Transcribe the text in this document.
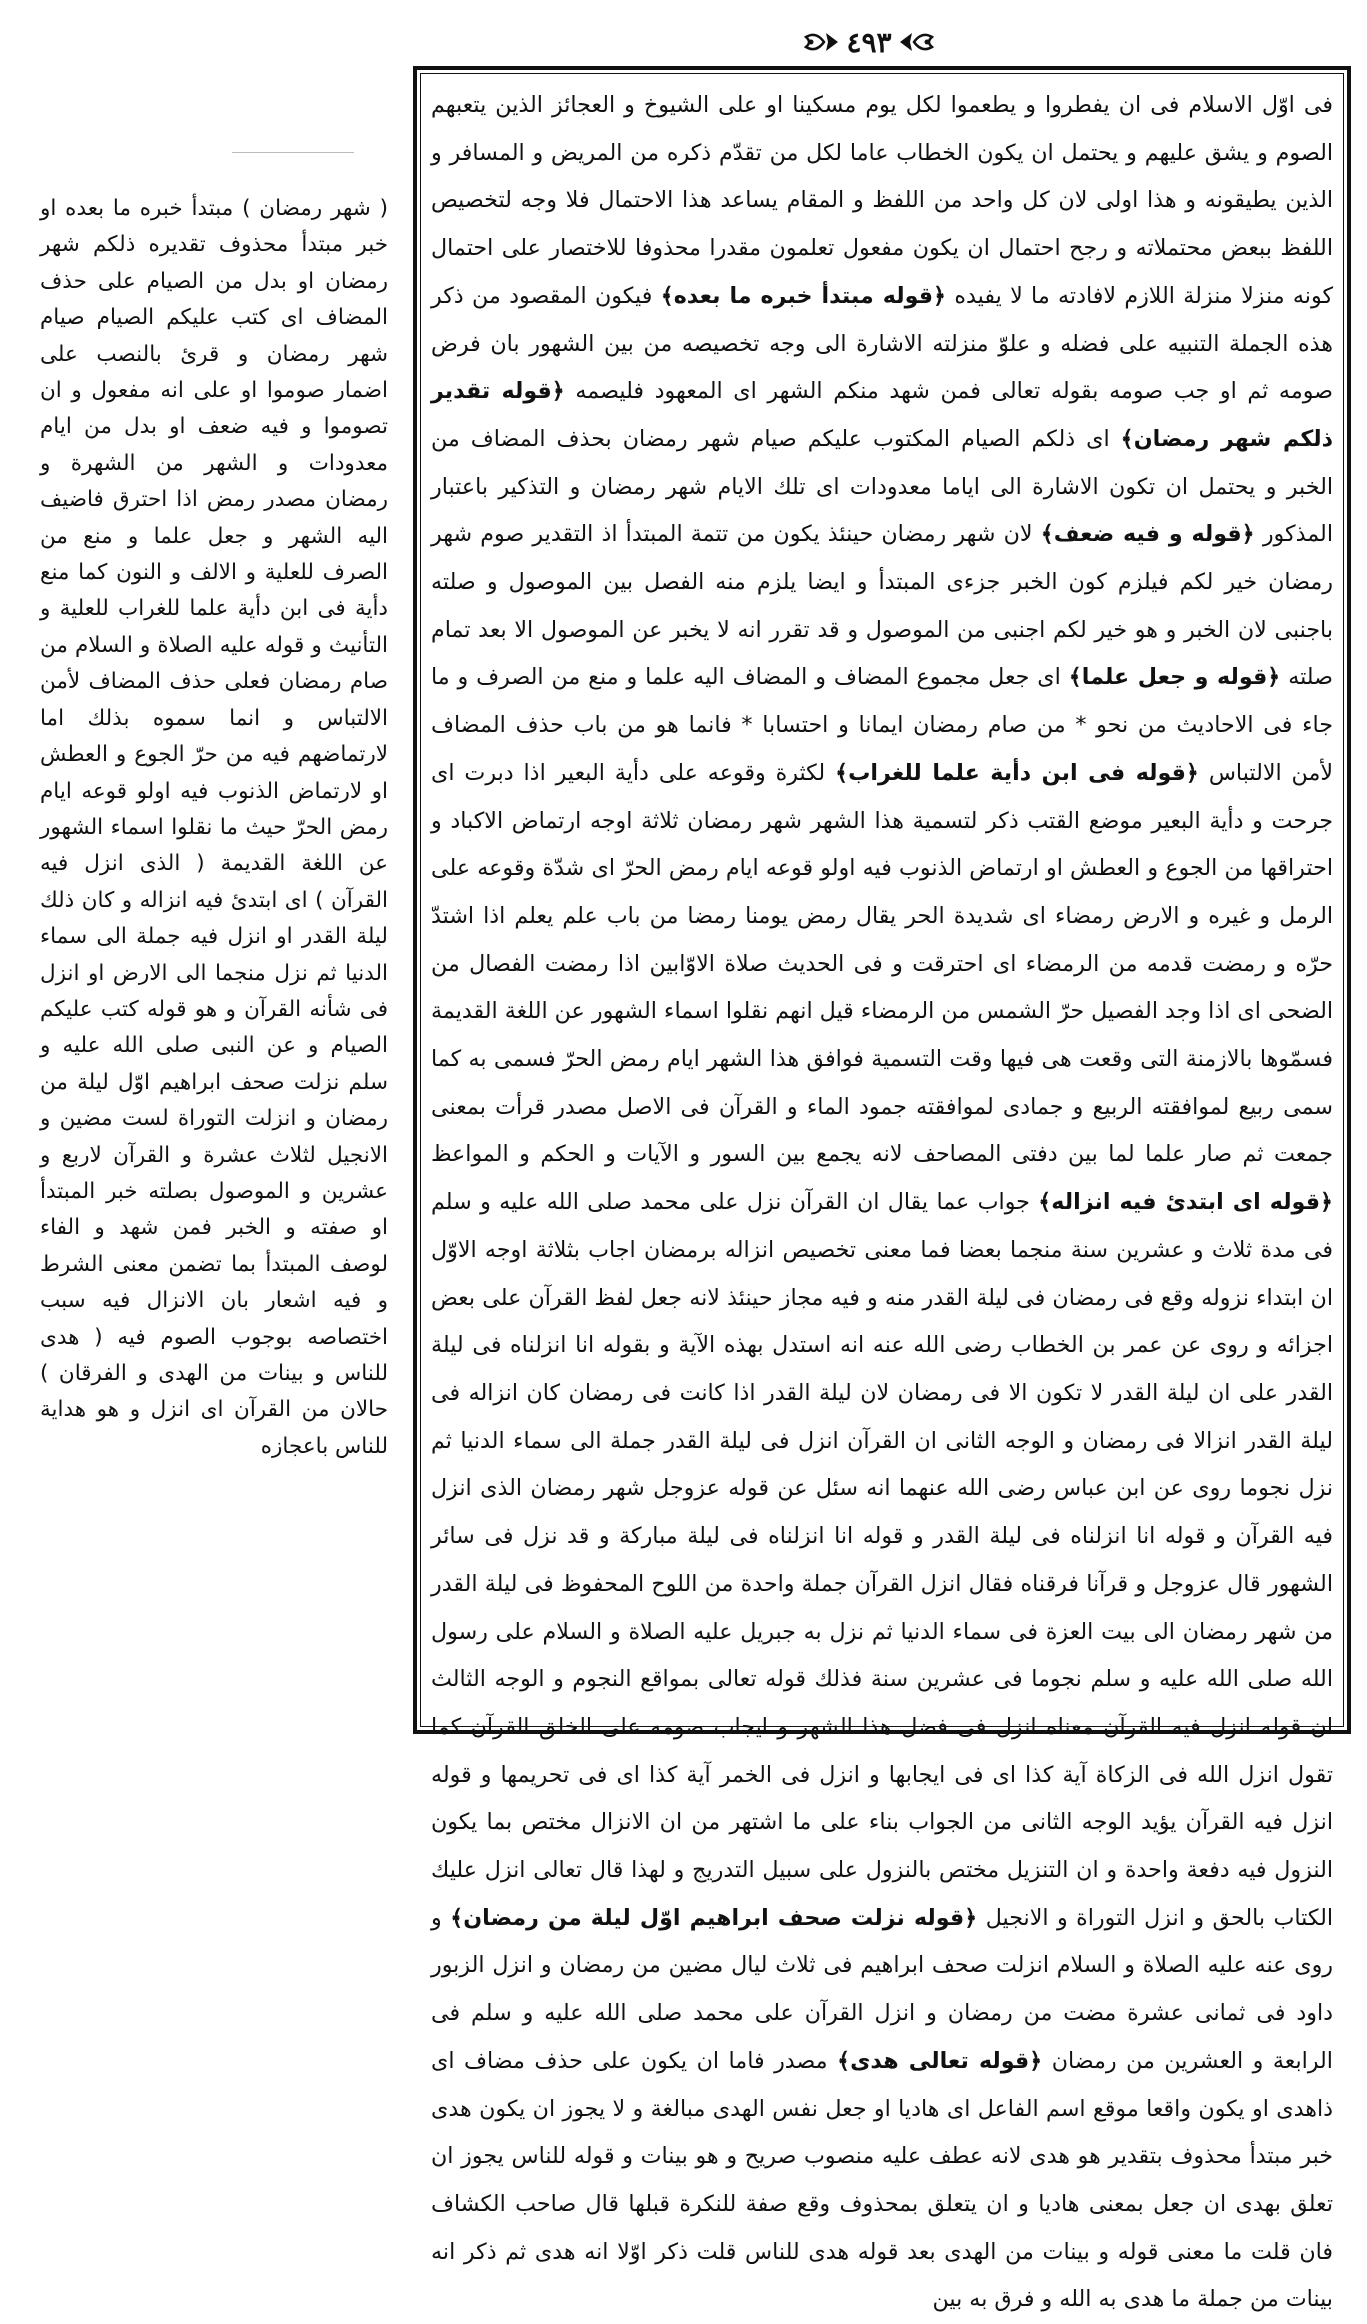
٤٩٣

( شهر رمضان ) مبتدأ خبره ما بعده او خبر مبتدأ محذوف تقديره ذلكم شهر رمضان او بدل من الصيام على حذف المضاف اى كتب عليكم الصيام صيام شهر رمضان و قرئ بالنصب على اضمار صوموا او على انه مفعول و ان تصوموا و فيه ضعف او بدل من ايام معدودات و الشهر من الشهرة و رمضان مصدر رمض اذا احترق فاضيف اليه الشهر و جعل علما و منع من الصرف للعلية و الالف و النون كما منع دأية فى ابن دأية علما للغراب للعلية و التأنيث و قوله عليه الصلاة و السلام من صام رمضان فعلى حذف المضاف لأمن الالتباس و انما سموه بذلك اما لارتماضهم فيه من حرّ الجوع و العطش او لارتماض الذنوب فيه اولو قوعه ايام رمض الحرّ حيث ما نقلوا اسماء الشهور عن اللغة القديمة ( الذى انزل فيه القرآن ) اى ابتدئ فيه انزاله و كان ذلك ليلة القدر او انزل فيه جملة الى سماء الدنيا ثم نزل منجما الى الارض او انزل فى شأنه القرآن و هو قوله كتب عليكم الصيام و عن النبى صلى الله عليه و سلم نزلت صحف ابراهيم اوّل ليلة من رمضان و انزلت التوراة لست مضين و الانجيل لثلاث عشرة و القرآن لاربع و عشرين و الموصول بصلته خبر المبتدأ او صفته و الخبر فمن شهد و الفاء لوصف المبتدأ بما تضمن معنى الشرط و فيه اشعار بان الانزال فيه سبب اختصاصه بوجوب الصوم فيه ( هدى للناس و بينات من الهدى و الفرقان ) حالان من القرآن اى انزل و هو هداية للناس باعجازه

فى اوّل الاسلام فى ان يفطروا و يطعموا لكل يوم مسكينا او على الشيوخ و العجائز الذين يتعبهم الصوم و يشق عليهم و يحتمل ان يكون الخطاب عاما لكل من تقدّم ذكره من المريض و المسافر و الذين يطيقونه و هذا اولى لان كل واحد من اللفظ و المقام يساعد هذا الاحتمال فلا وجه لتخصيص اللفظ ببعض محتملاته و رجح احتمال ان يكون مفعول تعلمون مقدرا محذوفا للاختصار على احتمال كونه منزلا منزلة اللازم لافادته ما لا يفيده ﴿قوله مبتدأ خبره ما بعده﴾ فيكون المقصود من ذكر هذه الجملة التنبيه على فضله و علوّ منزلته الاشارة الى وجه تخصيصه من بين الشهور بان فرض صومه ثم او جب صومه بقوله تعالى فمن شهد منكم الشهر اى المعهود فليصمه ﴿قوله تقدير ذلكم شهر رمضان﴾ اى ذلكم الصيام المكتوب عليكم صيام شهر رمضان بحذف المضاف من الخبر و يحتمل ان تكون الاشارة الى اياما معدودات اى تلك الايام شهر رمضان و التذكير باعتبار المذكور ﴿قوله و فيه ضعف﴾ لان شهر رمضان حينئذ يكون من تتمة المبتدأ اذ التقدير صوم شهر رمضان خير لكم فيلزم كون الخبر جزءى المبتدأ و ايضا يلزم منه الفصل بين الموصول و صلته باجنبى لان الخبر و هو خير لكم اجنبى من الموصول و قد تقرر انه لا يخبر عن الموصول الا بعد تمام صلته ﴿قوله و جعل علما﴾ اى جعل مجموع المضاف و المضاف اليه علما و منع من الصرف و ما جاء فى الاحاديث من نحو * من صام رمضان ايمانا و احتسابا * فانما هو من باب حذف المضاف لأمن الالتباس ﴿قوله فى ابن دأية علما للغراب﴾ لكثرة وقوعه على دأية البعير اذا دبرت اى جرحت و دأية البعير موضع القتب ذكر لتسمية هذا الشهر شهر رمضان ثلاثة اوجه ارتماض الاكباد و احتراقها من الجوع و العطش او ارتماض الذنوب فيه اولو قوعه ايام رمض الحرّ اى شدّة وقوعه على الرمل و غيره و الارض رمضاء اى شديدة الحر يقال رمض يومنا رمضا من باب علم يعلم اذا اشتدّ حرّه و رمضت قدمه من الرمضاء اى احترقت و فى الحديث صلاة الاوّابين اذا رمضت الفصال من الضحى اى اذا وجد الفصيل حرّ الشمس من الرمضاء قيل انهم نقلوا اسماء الشهور عن اللغة القديمة فسمّوها بالازمنة التى وقعت هى فيها وقت التسمية فوافق هذا الشهر ايام رمض الحرّ فسمى به كما سمى ربيع لموافقته الربيع و جمادى لموافقته جمود الماء و القرآن فى الاصل مصدر قرأت بمعنى جمعت ثم صار علما لما بين دفتى المصاحف لانه يجمع بين السور و الآيات و الحكم و المواعظ ﴿قوله اى ابتدئ فيه انزاله﴾ جواب عما يقال ان القرآن نزل على محمد صلى الله عليه و سلم فى مدة ثلاث و عشرين سنة منجما بعضا فما معنى تخصيص انزاله برمضان اجاب بثلاثة اوجه الاوّل ان ابتداء نزوله وقع فى رمضان فى ليلة القدر منه و فيه مجاز حينئذ لانه جعل لفظ القرآن على بعض اجزائه و روى عن عمر بن الخطاب رضى الله عنه انه استدل بهذه الآية و بقوله انا انزلناه فى ليلة القدر على ان ليلة القدر لا تكون الا فى رمضان لان ليلة القدر اذا كانت فى رمضان كان انزاله فى ليلة القدر انزالا فى رمضان و الوجه الثانى ان القرآن انزل فى ليلة القدر جملة الى سماء الدنيا ثم نزل نجوما روى عن ابن عباس رضى الله عنهما انه سئل عن قوله عزوجل شهر رمضان الذى انزل فيه القرآن و قوله انا انزلناه فى ليلة القدر و قوله انا انزلناه فى ليلة مباركة و قد نزل فى سائر الشهور قال عزوجل و قرآنا فرقناه فقال انزل القرآن جملة واحدة من اللوح المحفوظ فى ليلة القدر من شهر رمضان الى بيت العزة فى سماء الدنيا ثم نزل به جبريل عليه الصلاة و السلام على رسول الله صلى الله عليه و سلم نجوما فى عشرين سنة فذلك قوله تعالى بمواقع النجوم و الوجه الثالث ان قوله انزل فيه القرآن معناه انزل فى فضل هذا الشهر و ايجاب صومه على الخلق القرآن كما تقول انزل الله فى الزكاة آية كذا اى فى ايجابها و انزل فى الخمر آية كذا اى فى تحريمها و قوله انزل فيه القرآن يؤيد الوجه الثانى من الجواب بناء على ما اشتهر من ان الانزال مختص بما يكون النزول فيه دفعة واحدة و ان التنزيل مختص بالنزول على سبيل التدريج و لهذا قال تعالى انزل عليك الكتاب بالحق و انزل التوراة و الانجيل ﴿قوله نزلت صحف ابراهيم اوّل ليلة من رمضان﴾ و روى عنه عليه الصلاة و السلام انزلت صحف ابراهيم فى ثلاث ليال مضين من رمضان و انزل الزبور داود فى ثمانى عشرة مضت من رمضان و انزل القرآن على محمد صلى الله عليه و سلم فى الرابعة و العشرين من رمضان ﴿قوله تعالى هدى﴾ مصدر فاما ان يكون على حذف مضاف اى ذاهدى او يكون واقعا موقع اسم الفاعل اى هاديا او جعل نفس الهدى مبالغة و لا يجوز ان يكون هدى خبر مبتدأ محذوف بتقدير هو هدى لانه عطف عليه منصوب صريح و هو بينات و قوله للناس يجوز ان تعلق بهدى ان جعل بمعنى هاديا و ان يتعلق بمحذوف وقع صفة للنكرة قبلها قال صاحب الكشاف فان قلت ما معنى قوله و بينات من الهدى بعد قوله هدى للناس قلت ذكر اوّلا انه هدى ثم ذكر انه بينات من جملة ما هدى به الله و فرق به بين
